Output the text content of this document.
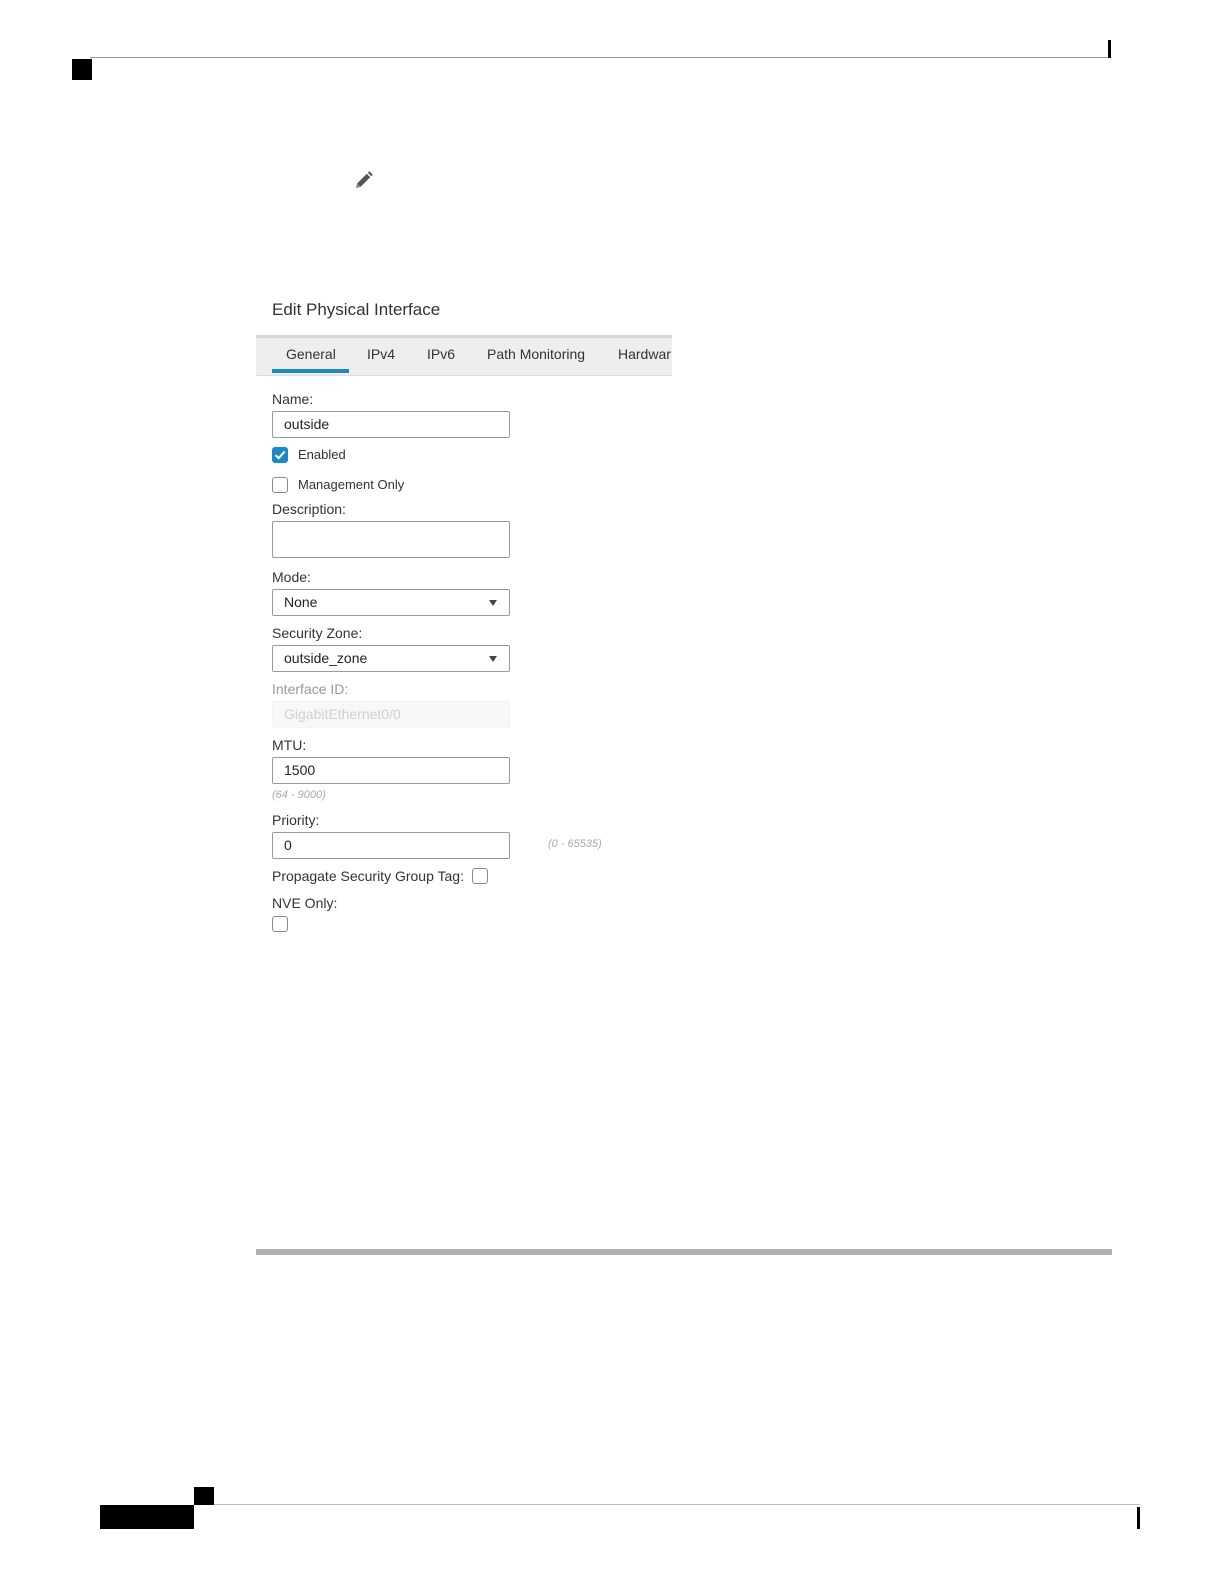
Edit Physical Interface
General IPv4 IPv6 Path Monitoring Hardwar
Name:
outside
Enabled
Management Only
Description:
Mode:
None
Security Zone:
outside_zone
Interface ID:
GigabitEthernet0/0
MTU:
1500
(64 - 9000)
Priority:
0	(0 - 65535)
Propagate Security Group Tag:
NVE Only:
